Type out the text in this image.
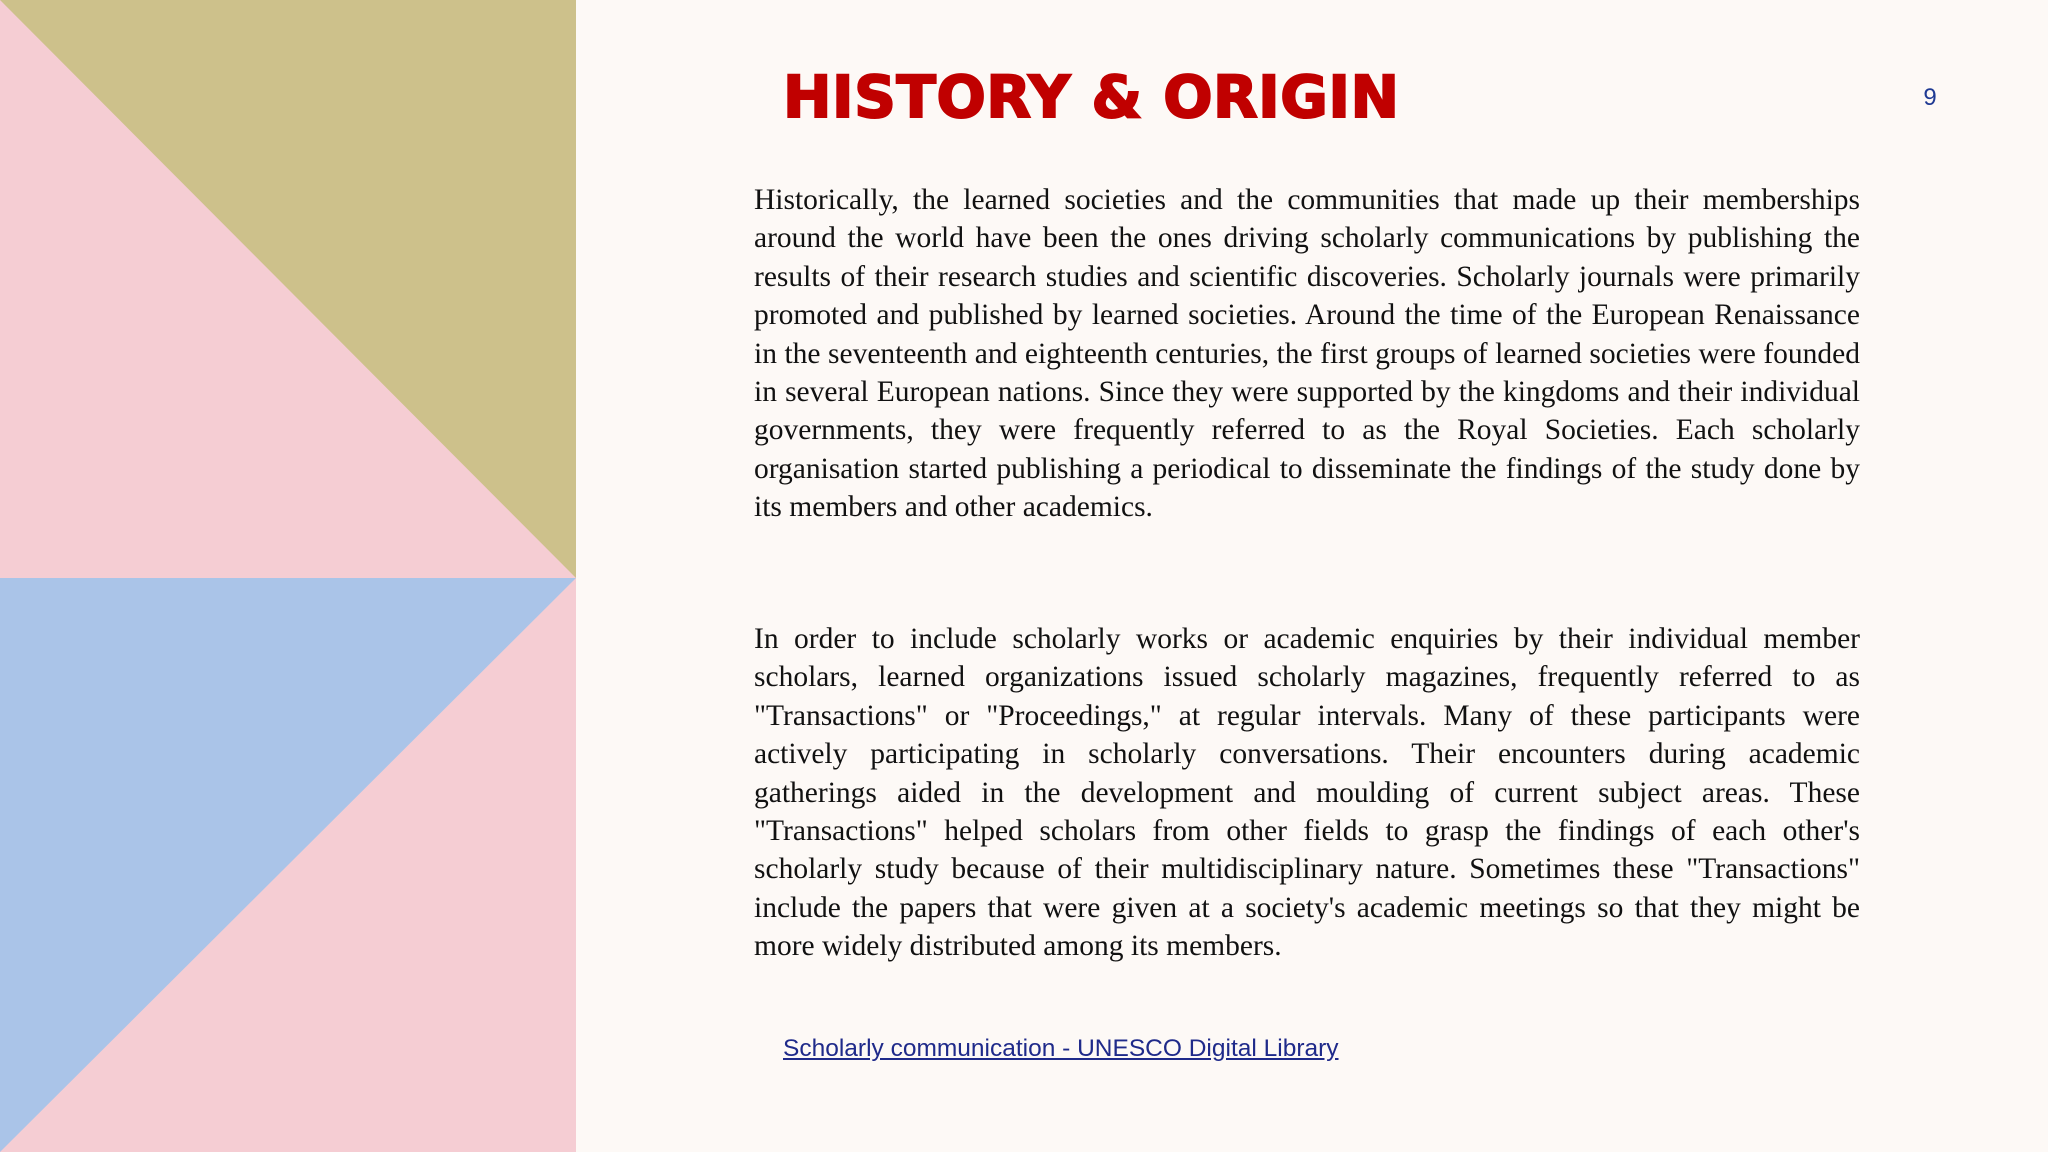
HISTORY & ORIGIN	9

Historically, the learned societies and the communities that made up their memberships around the world have been the ones driving scholarly communications by publishing the results of their research studies and scientific discoveries. Scholarly journals were primarily promoted and published by learned societies. Around the time of the European Renaissance in the seventeenth and eighteenth centuries, the first groups of learned societies were founded in several European nations. Since they were supported by the kingdoms and their individual governments, they were frequently referred to as the Royal Societies. Each scholarly organisation started publishing a periodical to disseminate the findings of the study done by its members and other academics.

In order to include scholarly works or academic enquiries by their individual member scholars, learned organizations issued scholarly magazines, frequently referred to as "Transactions" or "Proceedings," at regular intervals. Many of these participants were actively participating in scholarly conversations. Their encounters during academic gatherings aided in the development and moulding of current subject areas. These "Transactions" helped scholars from other fields to grasp the findings of each other's scholarly study because of their multidisciplinary nature. Sometimes these "Transactions" include the papers that were given at a society's academic meetings so that they might be more widely distributed among its members.

Scholarly communication - UNESCO Digital Library
